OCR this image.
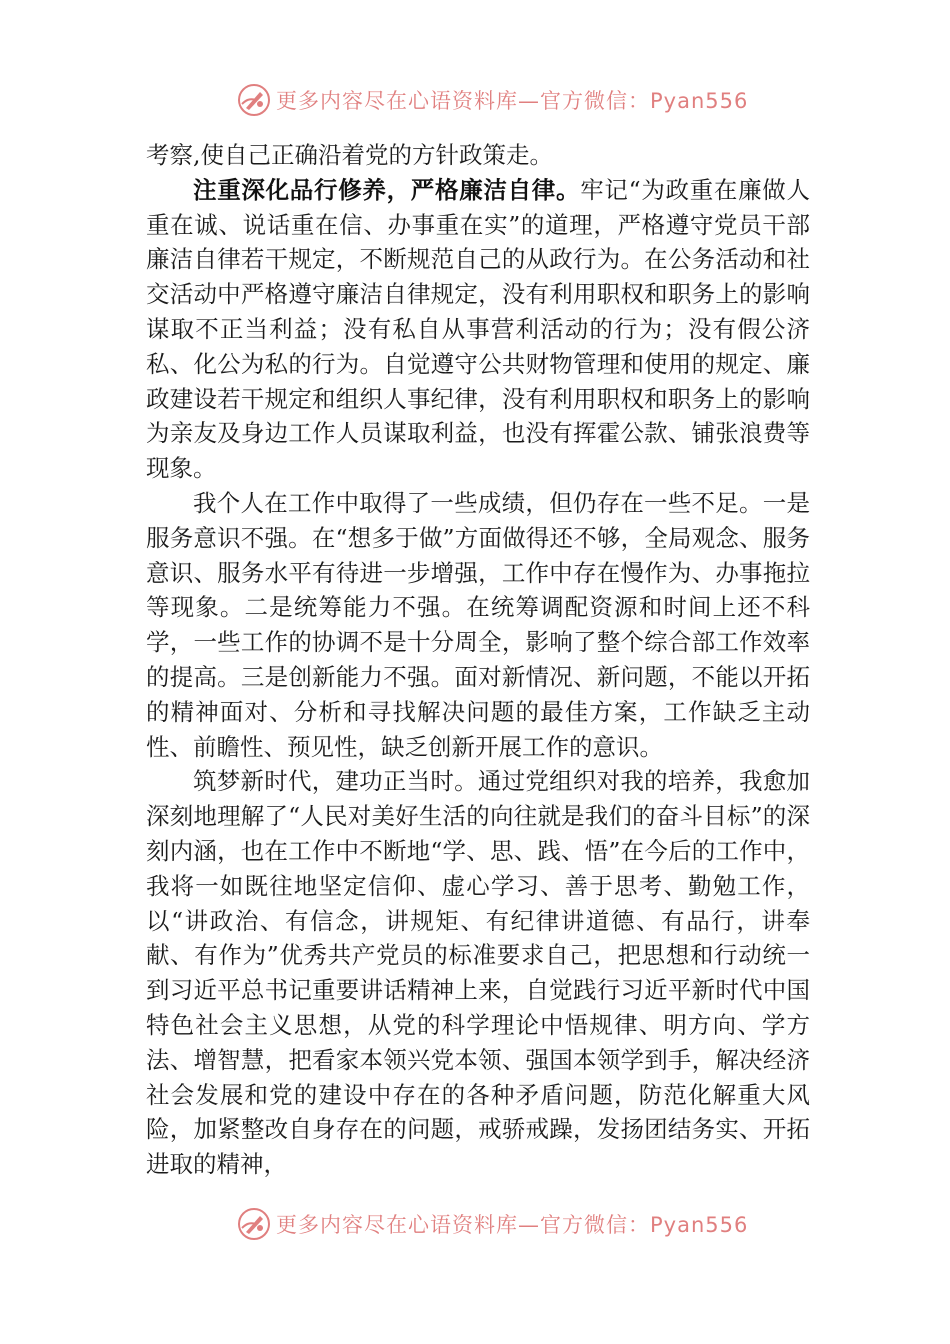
更多内容尽在心语资料库—官方微信：Pyan556

考察,使自己正确沿着党的方针政策走。

注重深化品行修养，严格廉洁自律。牢记“为政重在廉做人重在诚、说话重在信、办事重在实”的道理，严格遵守党员干部廉洁自律若干规定，不断规范自己的从政行为。在公务活动和社交活动中严格遵守廉洁自律规定，没有利用职权和职务上的影响谋取不正当利益；没有私自从事营利活动的行为；没有假公济私、化公为私的行为。自觉遵守公共财物管理和使用的规定、廉政建设若干规定和组织人事纪律，没有利用职权和职务上的影响为亲友及身边工作人员谋取利益，也没有挥霍公款、铺张浪费等现象。

我个人在工作中取得了一些成绩，但仍存在一些不足。一是服务意识不强。在“想多于做”方面做得还不够，全局观念、服务意识、服务水平有待进一步增强，工作中存在慢作为、办事拖拉等现象。二是统筹能力不强。在统筹调配资源和时间上还不科学，一些工作的协调不是十分周全，影响了整个综合部工作效率的提高。三是创新能力不强。面对新情况、新问题，不能以开拓的精神面对、分析和寻找解决问题的最佳方案，工作缺乏主动性、前瞻性、预见性，缺乏创新开展工作的意识。

筑梦新时代，建功正当时。通过党组织对我的培养，我愈加深刻地理解了“人民对美好生活的向往就是我们的奋斗目标”的深刻内涵，也在工作中不断地“学、思、践、悟”在今后的工作中，我将一如既往地坚定信仰、虚心学习、善于思考、勤勉工作，以“讲政治、有信念，讲规矩、有纪律讲道德、有品行，讲奉献、有作为”优秀共产党员的标准要求自己，把思想和行动统一到习近平总书记重要讲话精神上来，自觉践行习近平新时代中国特色社会主义思想，从党的科学理论中悟规律、明方向、学方法、增智慧，把看家本领兴党本领、强国本领学到手，解决经济社会发展和党的建设中存在的各种矛盾问题，防范化解重大风险，加紧整改自身存在的问题，戒骄戒躁，发扬团结务实、开拓进取的精神，

更多内容尽在心语资料库—官方微信：Pyan556
